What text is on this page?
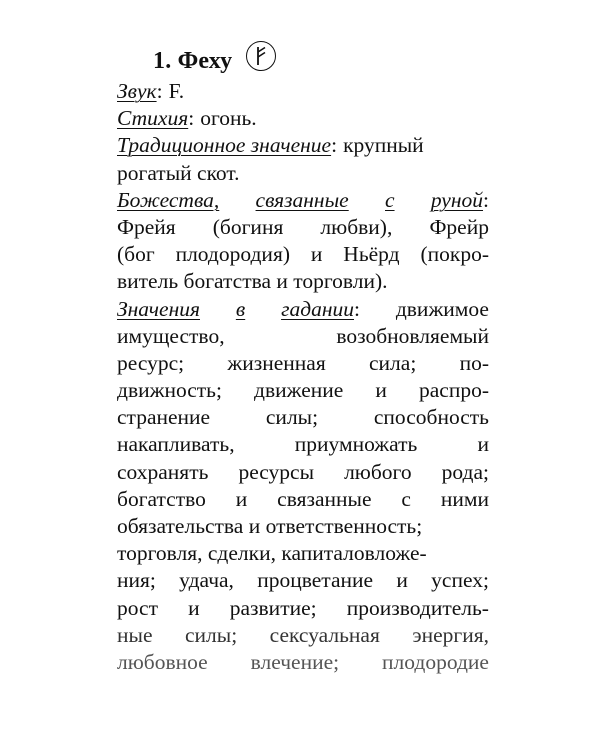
1. Феху
Звук: F.
Стихия: огонь.
Традиционное значение: крупный
рогатый скот.
Божества, связанные с руной:
Фрейя (богиня любви), Фрейр
(бог плодородия) и Ньёрд (покро-
витель богатства и торговли).
Значения в гадании: движимое
имущество,	возобновляемый
ресурс; жизненная сила; по-
движность; движение и распро-
странение	силы;	способность
накапливать,	приумножать	и
сохранять ресурсы любого рода;
богатство и связанные с ними
обязательства и ответственность;
торговля, сделки, капиталовложе-
ния; удача, процветание и успех;
рост и развитие; производитель-
ные силы; сексуальная энергия,
любовное влечение; плодородие
